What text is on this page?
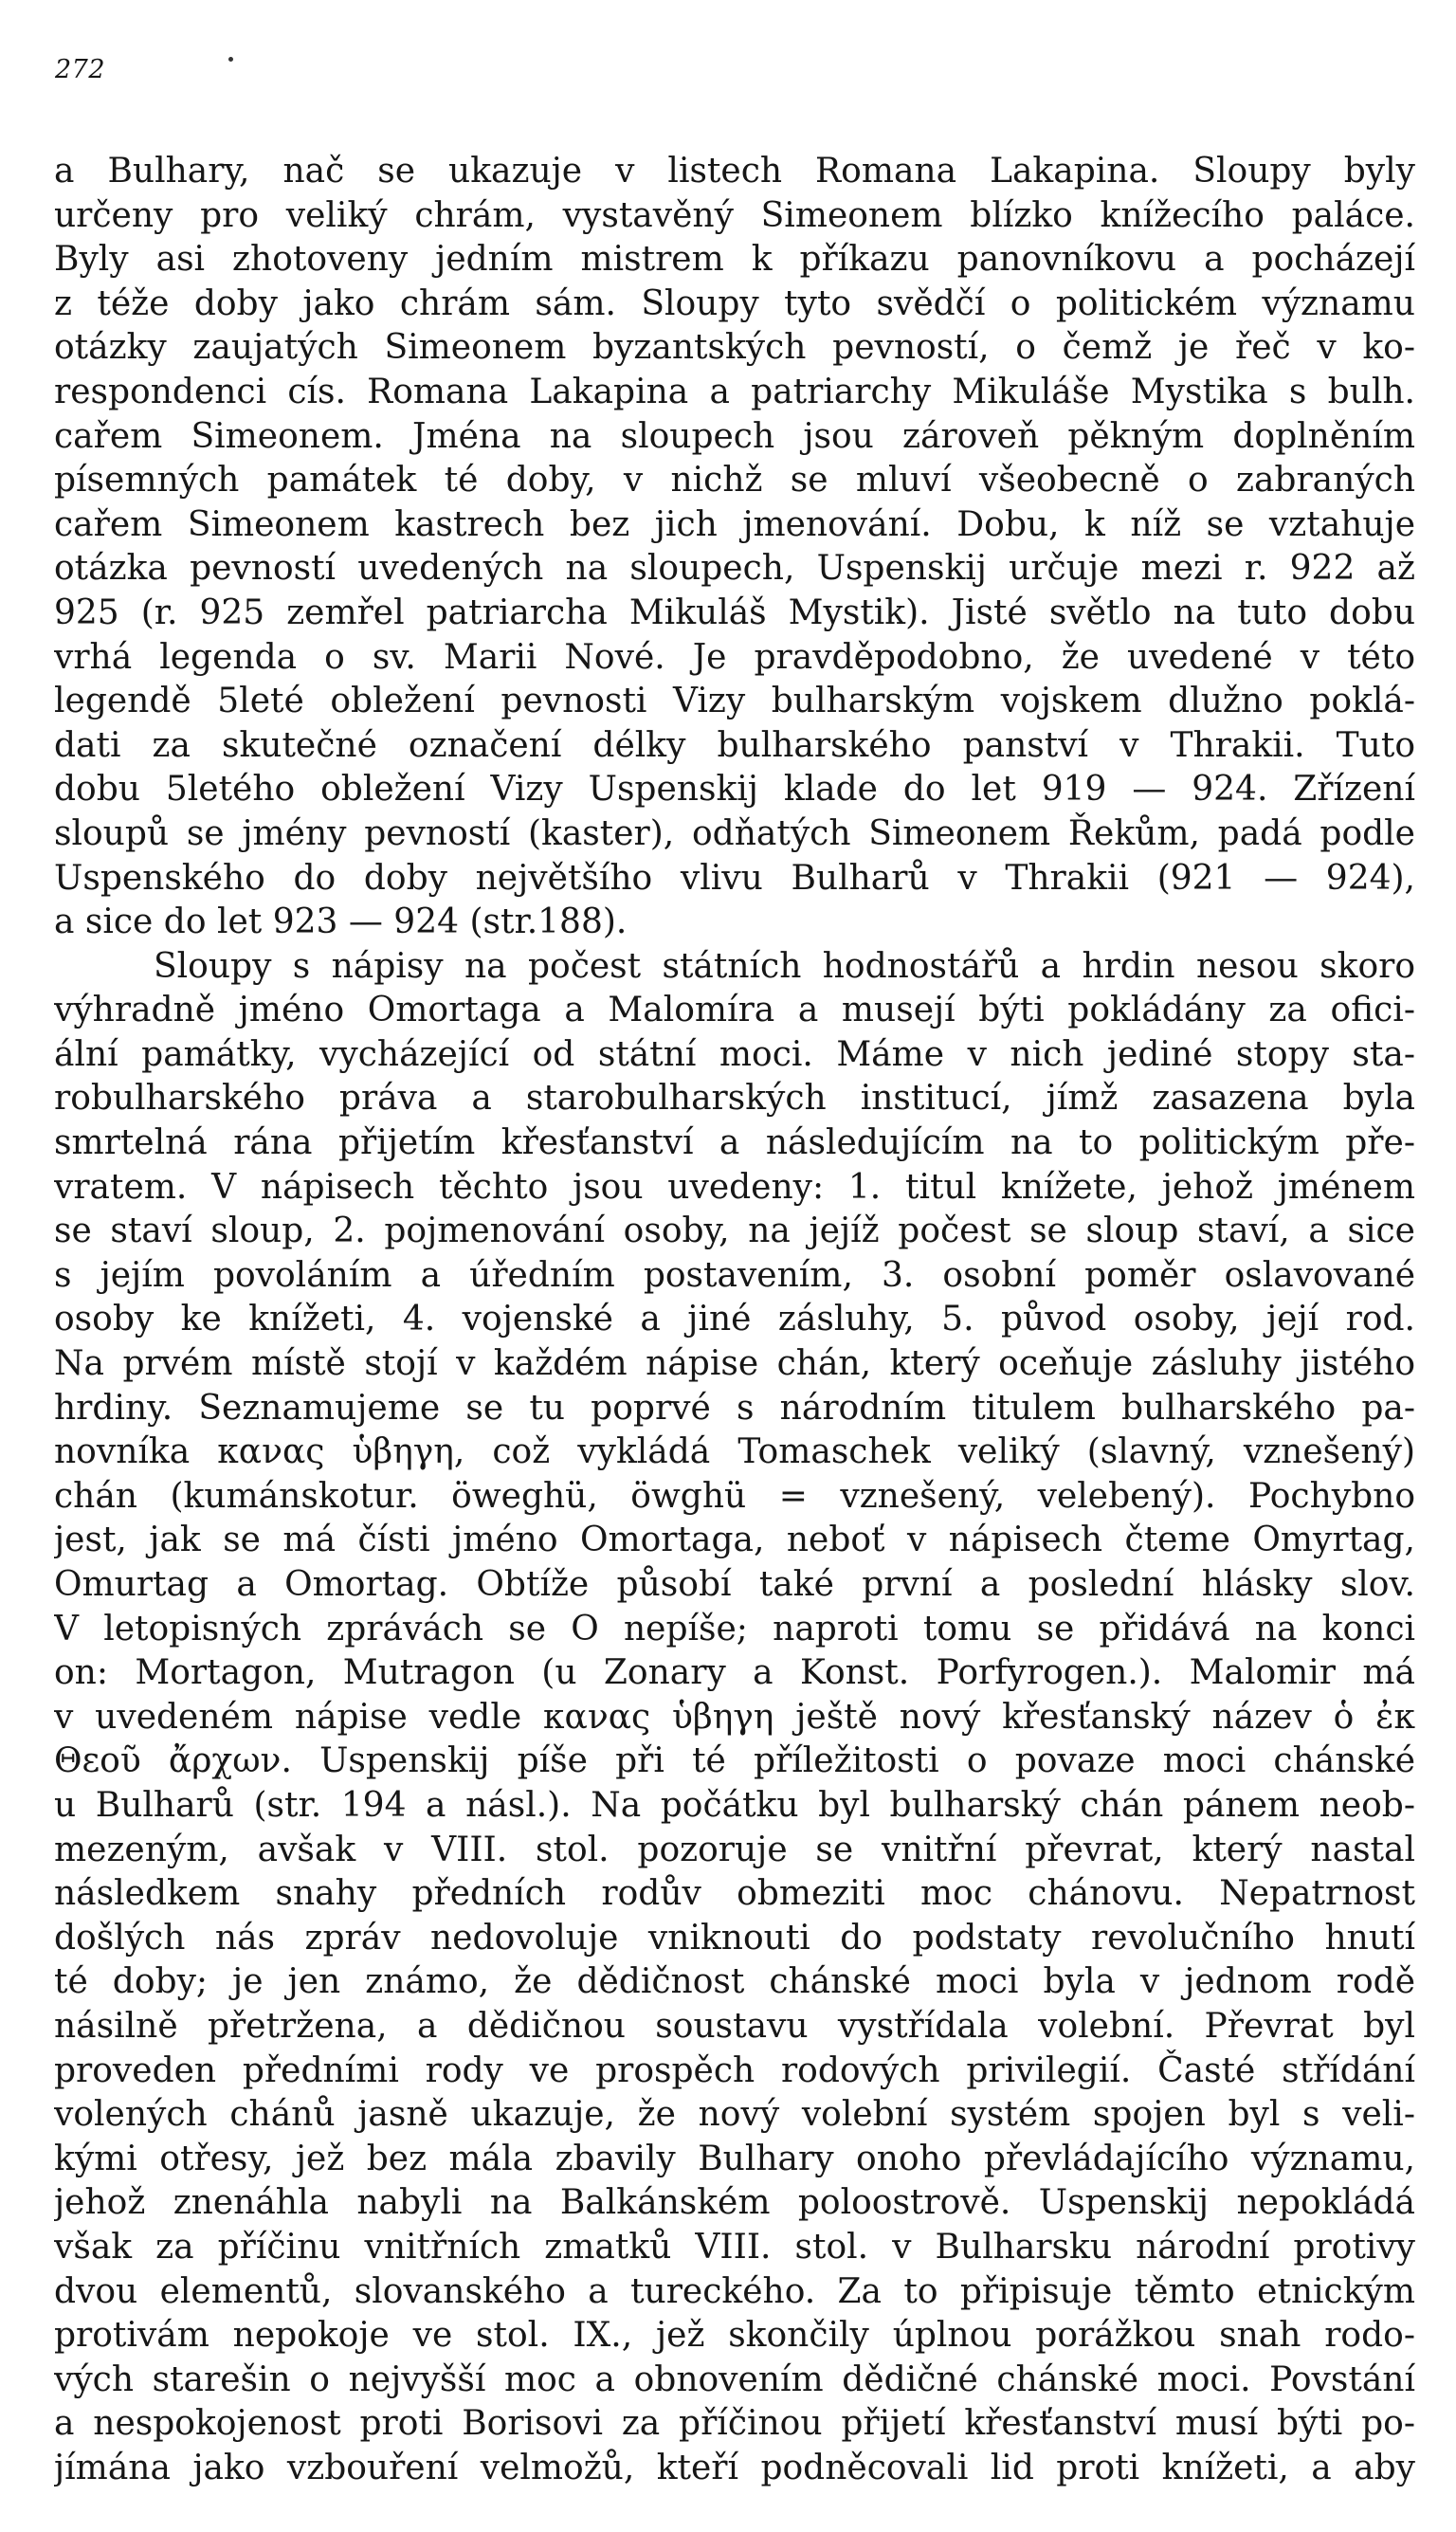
272
a Bulhary, nač se ukazuje v listech Romana Lakapina. Sloupy byly
určeny pro veliký chrám, vystavěný Simeonem blízko knížecího paláce.
Byly asi zhotoveny jedním mistrem k příkazu panovníkovu a pocházejí
z téže doby jako chrám sám. Sloupy tyto svědčí o politickém významu
otázky zaujatých Simeonem byzantských pevností, o čemž je řeč v ko-
respondenci cís. Romana Lakapina a patriarchy Mikuláše Mystika s bulh.
cařem Simeonem. Jména na sloupech jsou zároveň pěkným doplněním
písemných památek té doby, v nichž se mluví všeobecně o zabraných
cařem Simeonem kastrech bez jich jmenování. Dobu, k níž se vztahuje
otázka pevností uvedených na sloupech, Uspenskij určuje mezi r. 922 až
925 (r. 925 zemřel patriarcha Mikuláš Mystik). Jisté světlo na tuto dobu
vrhá legenda o sv. Marii Nové. Je pravděpodobno, že uvedené v této
legendě 5leté obležení pevnosti Vizy bulharským vojskem dlužno poklá-
dati za skutečné označení délky bulharského panství v Thrakii. Tuto
dobu 5letého obležení Vizy Uspenskij klade do let 919 — 924. Zřízení
sloupů se jmény pevností (kaster), odňatých Simeonem Řekům, padá podle
Uspenského do doby největšího vlivu Bulharů v Thrakii (921 — 924),
a sice do let 923 — 924 (str.188).
Sloupy s nápisy na počest státních hodnostářů a hrdin nesou skoro
výhradně jméno Omortaga a Malomíra a musejí býti pokládány za ofici-
ální památky, vycházející od státní moci. Máme v nich jediné stopy sta-
robulharského práva a starobulharských institucí, jímž zasazena byla
smrtelná rána přijetím křesťanství a následujícím na to politickým pře-
vratem. V nápisech těchto jsou uvedeny: 1. titul knížete, jehož jménem
se staví sloup, 2. pojmenování osoby, na jejíž počest se sloup staví, a sice
s jejím povoláním a úředním postavením, 3. osobní poměr oslavované
osoby ke knížeti, 4. vojenské a jiné zásluhy, 5. původ osoby, její rod.
Na prvém místě stojí v každém nápise chán, který oceňuje zásluhy jistého
hrdiny. Seznamujeme se tu poprvé s národním titulem bulharského pa-
novníka κανας ὑβηγη, což vykládá Tomaschek veliký (slavný, vznešený)
chán (kumánskotur. öweghü, öwghü = vznešený, velebený). Pochybno
jest, jak se má čísti jméno Omortaga, neboť v nápisech čteme Omyrtag,
Omurtag a Omortag. Obtíže působí také první a poslední hlásky slov.
V letopisných zprávách se O nepíše; naproti tomu se přidává na konci
on: Mortagon, Mutragon (u Zonary a Konst. Porfyrogen.). Malomir má
v uvedeném nápise vedle κανας ὑβηγη ještě nový křesťanský název ὁ ἐκ
Θεοῦ ἄρχων. Uspenskij píše při té příležitosti o povaze moci chánské
u Bulharů (str. 194 a násl.). Na počátku byl bulharský chán pánem neob-
mezeným, avšak v VIII. stol. pozoruje se vnitřní převrat, který nastal
následkem snahy předních rodův obmeziti moc chánovu. Nepatrnost
došlých nás zpráv nedovoluje vniknouti do podstaty revolučního hnutí
té doby; je jen známo, že dědičnost chánské moci byla v jednom rodě
násilně přetržena, a dědičnou soustavu vystřídala volební. Převrat byl
proveden předními rody ve prospěch rodových privilegií. Časté střídání
volených chánů jasně ukazuje, že nový volební systém spojen byl s veli-
kými otřesy, jež bez mála zbavily Bulhary onoho převládajícího významu,
jehož znenáhla nabyli na Balkánském poloostrově. Uspenskij nepokládá
však za příčinu vnitřních zmatků VIII. stol. v Bulharsku národní protivy
dvou elementů, slovanského a tureckého. Za to připisuje těmto etnickým
protivám nepokoje ve stol. IX., jež skončily úplnou porážkou snah rodo-
vých starešin o nejvyšší moc a obnovením dědičné chánské moci. Povstání
a nespokojenost proti Borisovi za příčinou přijetí křesťanství musí býti po-
jímána jako vzbouření velmožů, kteří podněcovali lid proti knížeti, a aby
